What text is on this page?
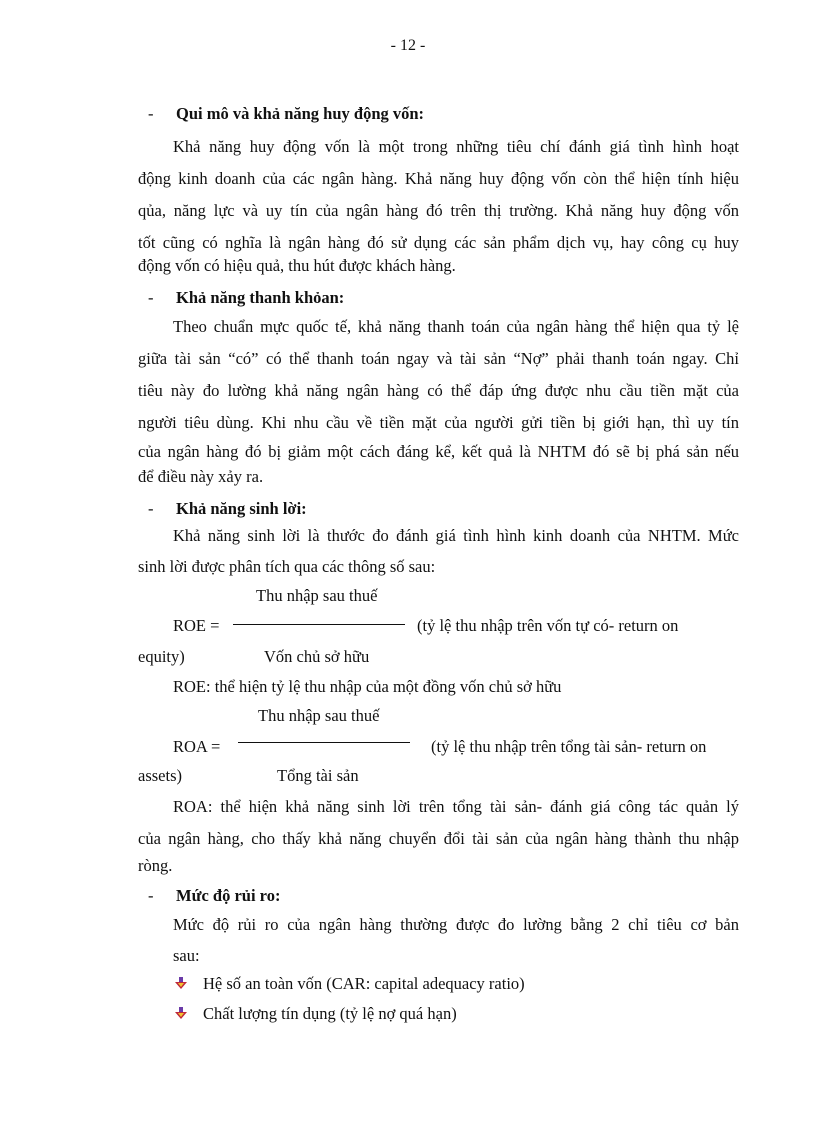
- 12 -
- Qui mô và khả năng huy động vốn:
Khả năng huy động vốn là một trong những tiêu chí đánh giá tình hình hoạt
động kinh doanh của các ngân hàng. Khả năng huy động vốn còn thể hiện tính hiệu
qủa, năng lực và uy tín của ngân hàng đó trên thị trường. Khả năng huy động vốn
tốt cũng có nghĩa là ngân hàng đó sử dụng các sản phẩm dịch vụ, hay công cụ huy
động vốn có hiệu quả, thu hút được khách hàng.
- Khả năng thanh khỏan:
Theo chuẩn mực quốc tế, khả năng thanh toán của ngân hàng thể hiện qua tỷ lệ
giữa tài sản “có” có thể thanh toán ngay và tài sản “Nợ” phải thanh toán ngay. Chỉ
tiêu này đo lường khả năng ngân hàng có thể đáp ứng được nhu cầu tiền mặt của
người tiêu dùng. Khi nhu cầu về tiền mặt của người gửi tiền bị giới hạn, thì uy tín
của ngân hàng đó bị giảm một cách đáng kể, kết quả là NHTM đó sẽ bị phá sản nếu
để điều này xảy ra.
- Khả năng sinh lời:
Khả năng sinh lời là thước đo đánh giá tình hình kinh doanh của NHTM. Mức
sinh lời được phân tích qua các thông số sau:
Thu nhập sau thuế
ROE =	(tỷ lệ thu nhập trên vốn tự có- return on
equity)	Vốn chủ sở hữu
ROE: thể hiện tỷ lệ thu nhập của một đồng vốn chủ sở hữu
Thu nhập sau thuế
ROA =	(tỷ lệ thu nhập trên tổng tài sản- return on
assets)	Tổng tài sản
ROA: thể hiện khả năng sinh lời trên tổng tài sản- đánh giá công tác quản lý
của ngân hàng, cho thấy khả năng chuyển đổi tài sản của ngân hàng thành thu nhập
ròng.
- Mức độ rủi ro:
Mức độ rủi ro của ngân hàng thường được đo lường bằng 2 chỉ tiêu cơ bản
sau:
Hệ số an toàn vốn (CAR: capital adequacy ratio)
Chất lượng tín dụng (tỷ lệ nợ quá hạn)
